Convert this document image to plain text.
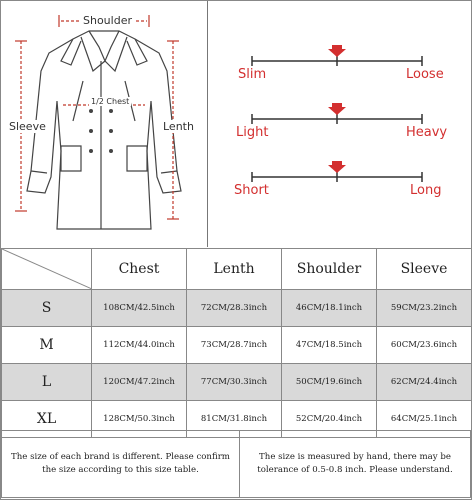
Shoulder
Sleeve
1/2 Chest
Lenth
Slim	Loose
Light	Heavy
Short	Long
	Chest	Lenth	Shoulder	Sleeve
S	108CM/42.5inch	72CM/28.3inch	46CM/18.1inch	59CM/23.2inch
M	112CM/44.0inch	73CM/28.7inch	47CM/18.5inch	60CM/23.6inch
L	120CM/47.2inch	77CM/30.3inch	50CM/19.6inch	62CM/24.4inch
XL	128CM/50.3inch	81CM/31.8inch	52CM/20.4inch	64CM/25.1inch
The size of each brand is different. Please confirm the size according to this size table.
The size is measured by hand, there may be tolerance of 0.5-0.8 inch. Please understand.
